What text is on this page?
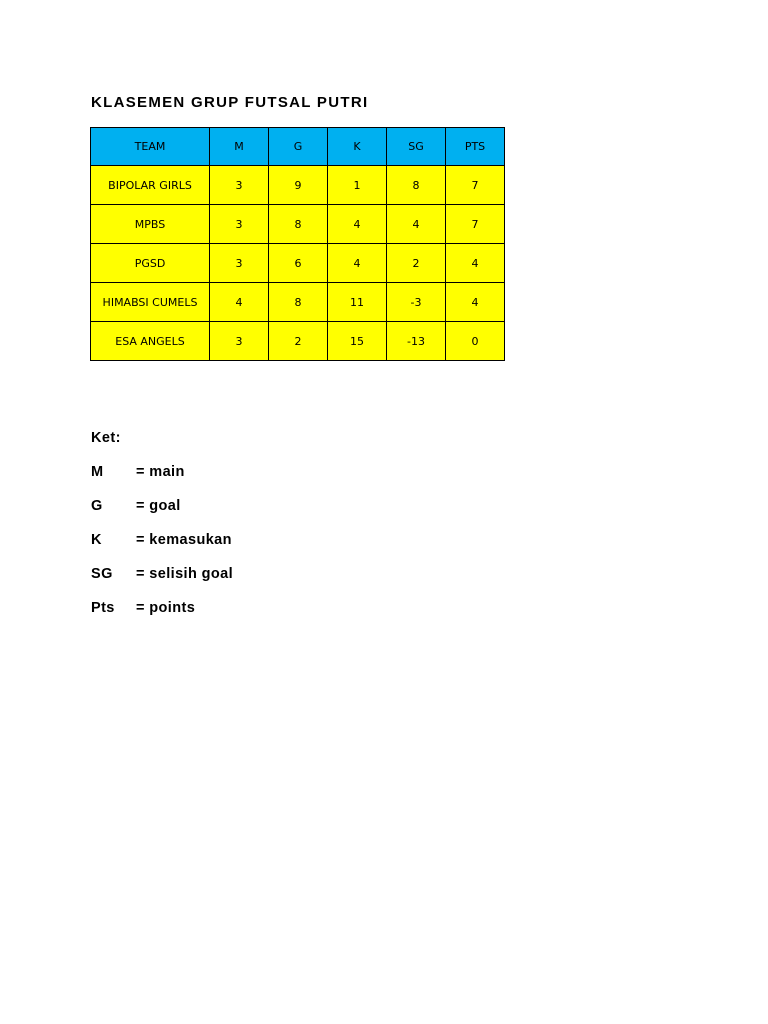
KLASEMEN GRUP FUTSAL PUTRI
TEAM	M	G	K	SG	PTS
BIPOLAR GIRLS	3	9	1	8	7
MPBS	3	8	4	4	7
PGSD	3	6	4	2	4
HIMABSI CUMELS	4	8	11	-3	4
ESA ANGELS	3	2	15	-13	0
Ket:
M	= main
G	= goal
K	= kemasukan
SG	= selisih goal
Pts	= points
